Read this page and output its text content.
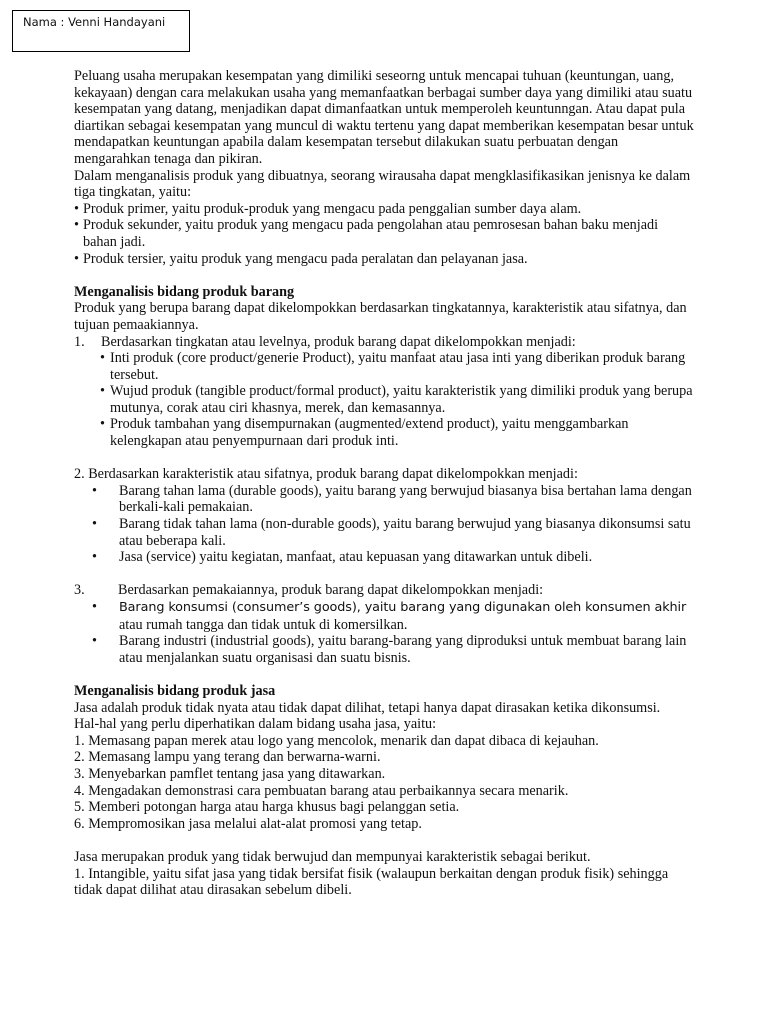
Nama : Venni Handayani

Peluang usaha merupakan kesempatan yang dimiliki seseorng untuk mencapai tuhuan (keuntungan, uang, kekayaan) dengan cara melakukan usaha yang memanfaatkan berbagai sumber daya yang dimiliki atau suatu kesempatan yang datang, menjadikan dapat dimanfaatkan untuk memperoleh keuntunngan. Atau dapat pula diartikan sebagai kesempatan yang muncul di waktu tertenu yang dapat memberikan kesempatan besar untuk mendapatkan keuntungan apabila dalam kesempatan tersebut dilakukan suatu perbuatan dengan mengarahkan tenaga dan pikiran.

Dalam menganalisis produk yang dibuatnya, seorang wirausaha dapat mengklasifikasikan jenisnya ke dalam tiga tingkatan, yaitu:

• Produk primer, yaitu produk-produk yang mengacu pada penggalian sumber daya alam.
• Produk sekunder, yaitu produk yang mengacu pada pengolahan atau pemrosesan bahan baku menjadi bahan jadi.
• Produk tersier, yaitu produk yang mengacu pada peralatan dan pelayanan jasa.

Menganalisis bidang produk barang

Produk yang berupa barang dapat dikelompokkan berdasarkan tingkatannya, karakteristik atau sifatnya, dan tujuan pemaakiannya.

1.	Berdasarkan tingkatan atau levelnya, produk barang dapat dikelompokkan menjadi:
• Inti produk (core product/generie Product), yaitu manfaat atau jasa inti yang diberikan produk barang tersebut.
• Wujud produk (tangible product/formal product), yaitu karakteristik yang dimiliki produk yang berupa mutunya, corak atau ciri khasnya, merek, dan kemasannya.
• Produk tambahan yang disempurnakan (augmented/extend product), yaitu menggambarkan kelengkapan atau penyempurnaan dari produk inti.

2. Berdasarkan karakteristik atau sifatnya, produk barang dapat dikelompokkan menjadi:

•	Barang tahan lama (durable goods), yaitu barang yang berwujud biasanya bisa bertahan lama dengan berkali-kali pemakaian.
•	Barang tidak tahan lama (non-durable goods), yaitu barang berwujud yang biasanya dikonsumsi satu atau beberapa kali.
•	Jasa (service) yaitu kegiatan, manfaat, atau kepuasan yang ditawarkan untuk dibeli.
3.	Berdasarkan pemakaiannya, produk barang dapat dikelompokkan menjadi:
•	Barang konsumsi (consumer’s goods), yaitu barang yang digunakan oleh konsumen akhir
atau rumah tangga dan tidak untuk di komersilkan.
•	Barang industri (industrial goods), yaitu barang-barang yang diproduksi untuk membuat barang lain atau menjalankan suatu organisasi dan suatu bisnis.

Menganalisis bidang produk jasa

Jasa adalah produk tidak nyata atau tidak dapat dilihat, tetapi hanya dapat dirasakan ketika dikonsumsi.

Hal-hal yang perlu diperhatikan dalam bidang usaha jasa, yaitu:

1. Memasang papan merek atau logo yang mencolok, menarik dan dapat dibaca di kejauhan.

2. Memasang lampu yang terang dan berwarna-warni.

3. Menyebarkan pamflet tentang jasa yang ditawarkan.

4. Mengadakan demonstrasi cara pembuatan barang atau perbaikannya secara menarik.

5. Memberi potongan harga atau harga khusus bagi pelanggan setia.

6. Mempromosikan jasa melalui alat-alat promosi yang tetap.

Jasa merupakan produk yang tidak berwujud dan mempunyai karakteristik sebagai berikut.

1. Intangible, yaitu sifat jasa yang tidak bersifat fisik (walaupun berkaitan dengan produk fisik) sehingga tidak dapat dilihat atau dirasakan sebelum dibeli.
